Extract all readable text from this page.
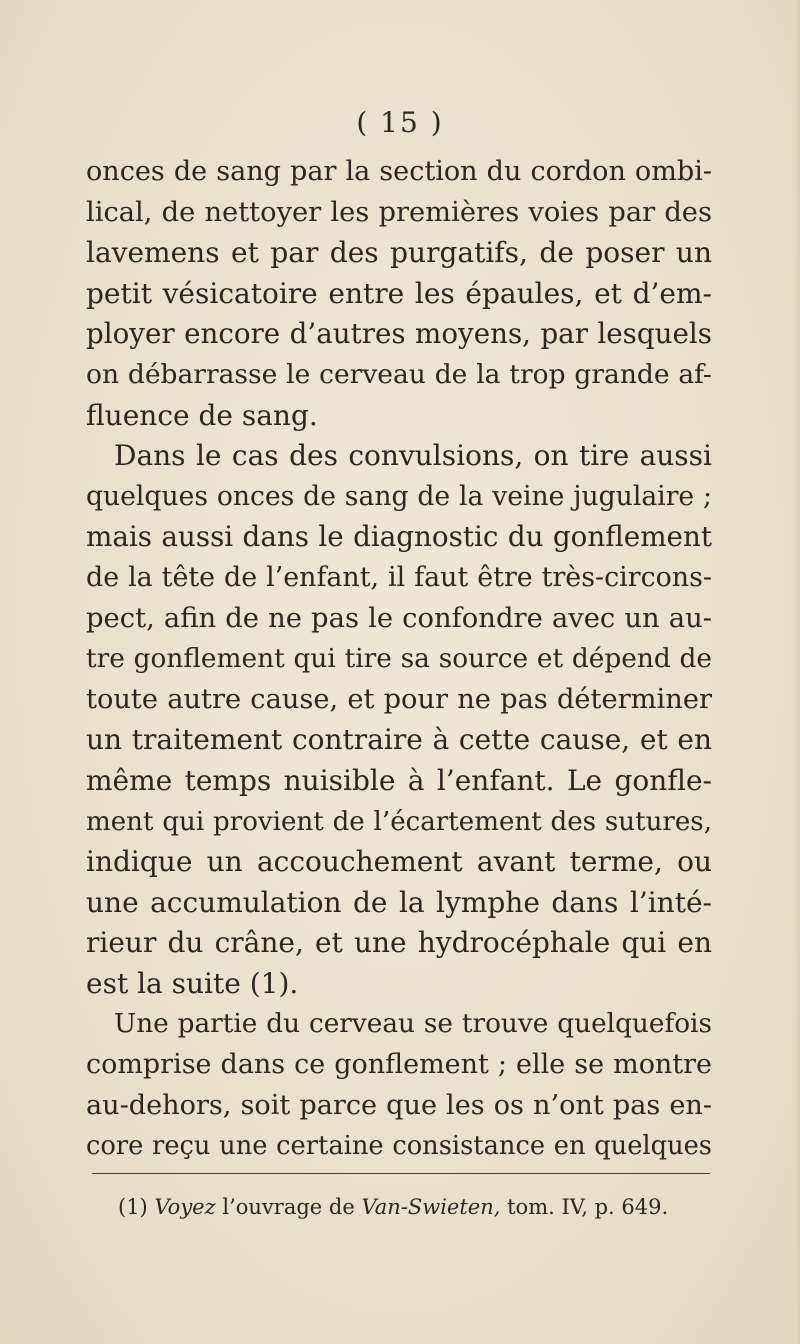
( 15 )
onces de sang par la section du cordon ombi-
lical, de nettoyer les premières voies par des
lavemens et par des purgatifs, de poser un
petit vésicatoire entre les épaules, et d’em-
ployer encore d’autres moyens, par lesquels
on débarrasse le cerveau de la trop grande af-
fluence de sang.
Dans le cas des convulsions, on tire aussi
quelques onces de sang de la veine jugulaire ;
mais aussi dans le diagnostic du gonflement
de la tête de l’enfant, il faut être très-circons-
pect, afin de ne pas le confondre avec un au-
tre gonflement qui tire sa source et dépend de
toute autre cause, et pour ne pas déterminer
un traitement contraire à cette cause, et en
même temps nuisible à l’enfant. Le gonfle-
ment qui provient de l’écartement des sutures,
indique un accouchement avant terme, ou
une accumulation de la lymphe dans l’inté-
rieur du crâne, et une hydrocéphale qui en
est la suite (1).
Une partie du cerveau se trouve quelquefois
comprise dans ce gonflement ; elle se montre
au-dehors, soit parce que les os n’ont pas en-
core reçu une certaine consistance en quelques
(1) Voyez l’ouvrage de Van-Swieten, tom. IV, p. 649.
